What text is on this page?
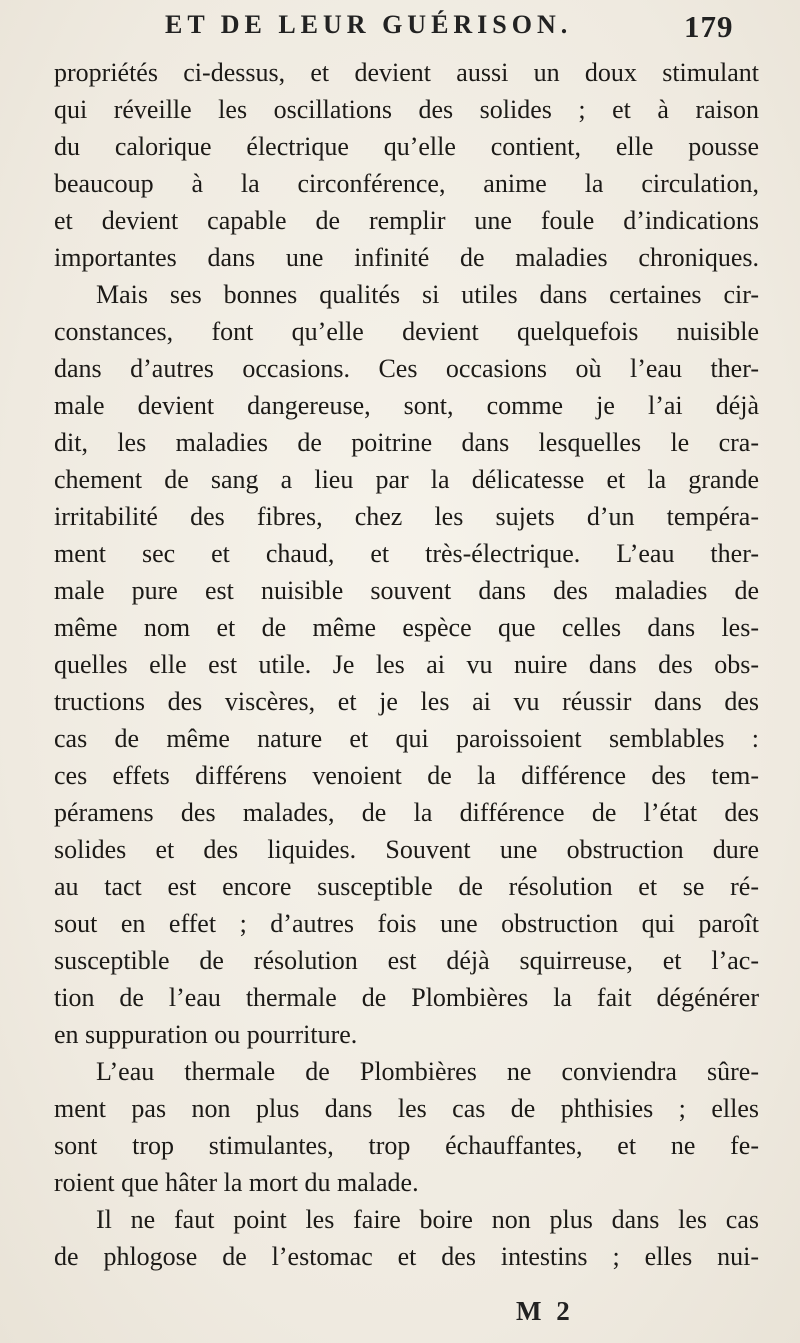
ET DE LEUR GUÉRISON.	179
propriétés ci-dessus, et devient aussi un doux stimulant
qui réveille les oscillations des solides ; et à raison
du calorique électrique qu’elle contient, elle pousse
beaucoup à la circonférence, anime la circulation,
et devient capable de remplir une foule d’indications
importantes dans une infinité de maladies chroniques.
Mais ses bonnes qualités si utiles dans certaines cir-
constances, font qu’elle devient quelquefois nuisible
dans d’autres occasions. Ces occasions où l’eau ther-
male devient dangereuse, sont, comme je l’ai déjà
dit, les maladies de poitrine dans lesquelles le cra-
chement de sang a lieu par la délicatesse et la grande
irritabilité des fibres, chez les sujets d’un tempéra-
ment sec et chaud, et très-électrique. L’eau ther-
male pure est nuisible souvent dans des maladies de
même nom et de même espèce que celles dans les-
quelles elle est utile. Je les ai vu nuire dans des obs-
tructions des viscères, et je les ai vu réussir dans des
cas de même nature et qui paroissoient semblables :
ces effets différens venoient de la différence des tem-
péramens des malades, de la différence de l’état des
solides et des liquides. Souvent une obstruction dure
au tact est encore susceptible de résolution et se ré-
sout en effet ; d’autres fois une obstruction qui paroît
susceptible de résolution est déjà squirreuse, et l’ac-
tion de l’eau thermale de Plombières la fait dégénérer
en suppuration ou pourriture.
L’eau thermale de Plombières ne conviendra sûre-
ment pas non plus dans les cas de phthisies ; elles
sont trop stimulantes, trop échauffantes, et ne fe-
roient que hâter la mort du malade.
Il ne faut point les faire boire non plus dans les cas
de phlogose de l’estomac et des intestins ; elles nui-
M 2
